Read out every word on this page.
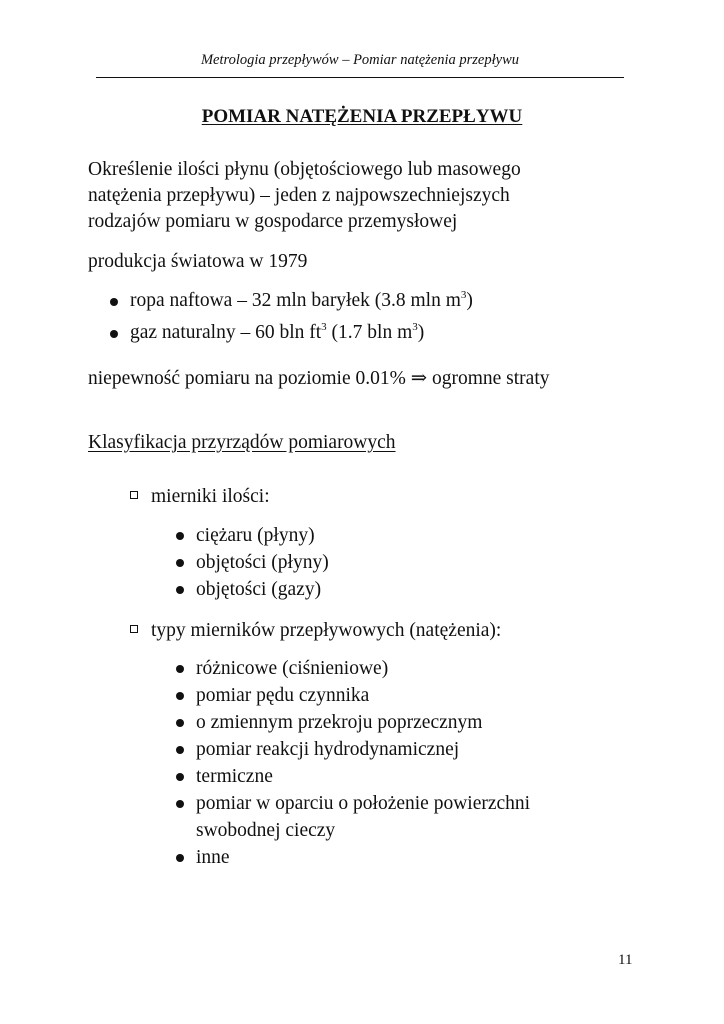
Metrologia przepływów – Pomiar natężenia przepływu
POMIAR NATĘŻENIA PRZEPŁYWU

Określenie ilości płynu (objętościowego lub masowego
natężenia przepływu) – jeden z najpowszechniejszych
rodzajów pomiaru w gospodarce przemysłowej

produkcja światowa w 1979

ropa naftowa – 32 mln baryłek (3.8 mln $m^3$)
gaz naturalny – 60 bln $ft^3$ (1.7 bln $m^3$)

niepewność pomiaru na poziomie 0.01% ⇒ ogromne straty

Klasyfikacja przyrządów pomiarowych
mierniki ilości:
ciężaru (płyny)
objętości (płyny)
objętości (gazy)
typy mierników przepływowych (natężenia):
różnicowe (ciśnieniowe)
pomiar pędu czynnika
o zmiennym przekroju poprzecznym
pomiar reakcji hydrodynamicznej
termiczne
pomiar w oparciu o położenie powierzchni
swobodnej cieczy
inne
11
